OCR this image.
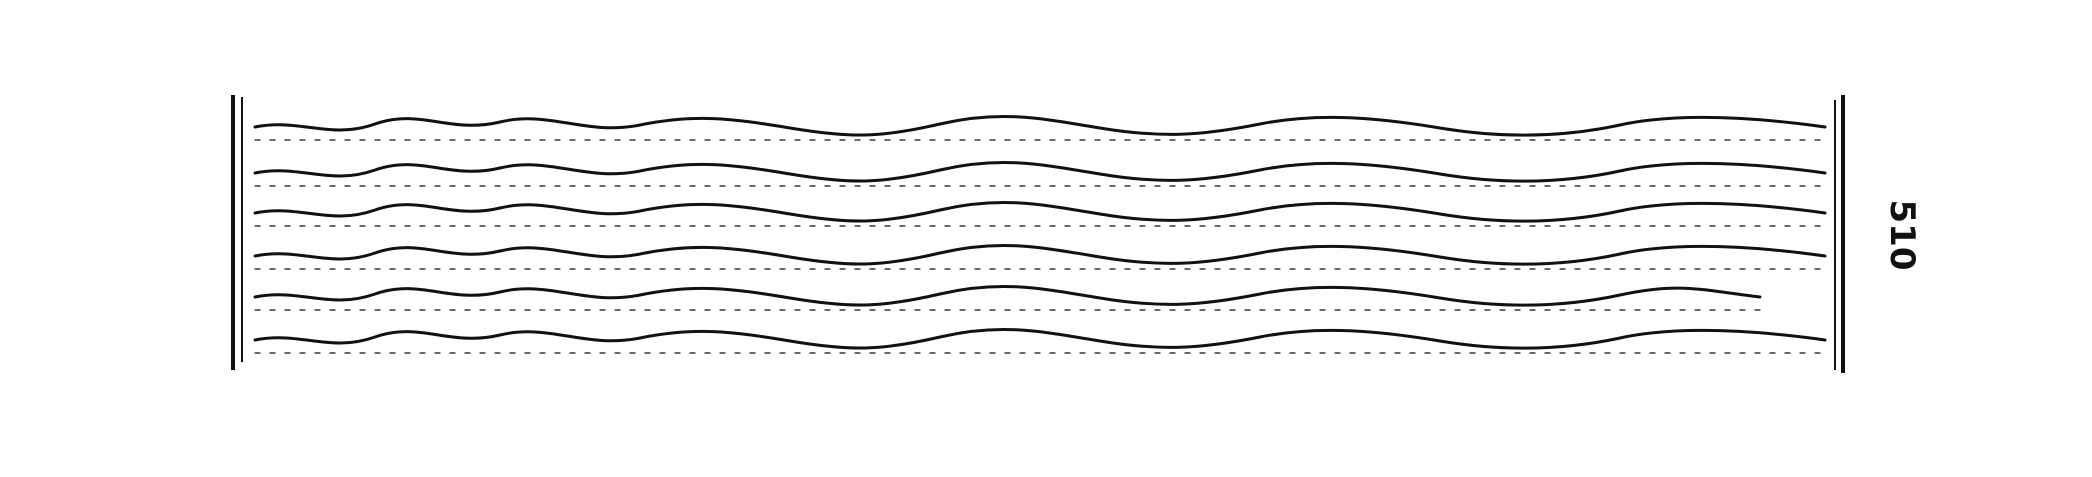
510
